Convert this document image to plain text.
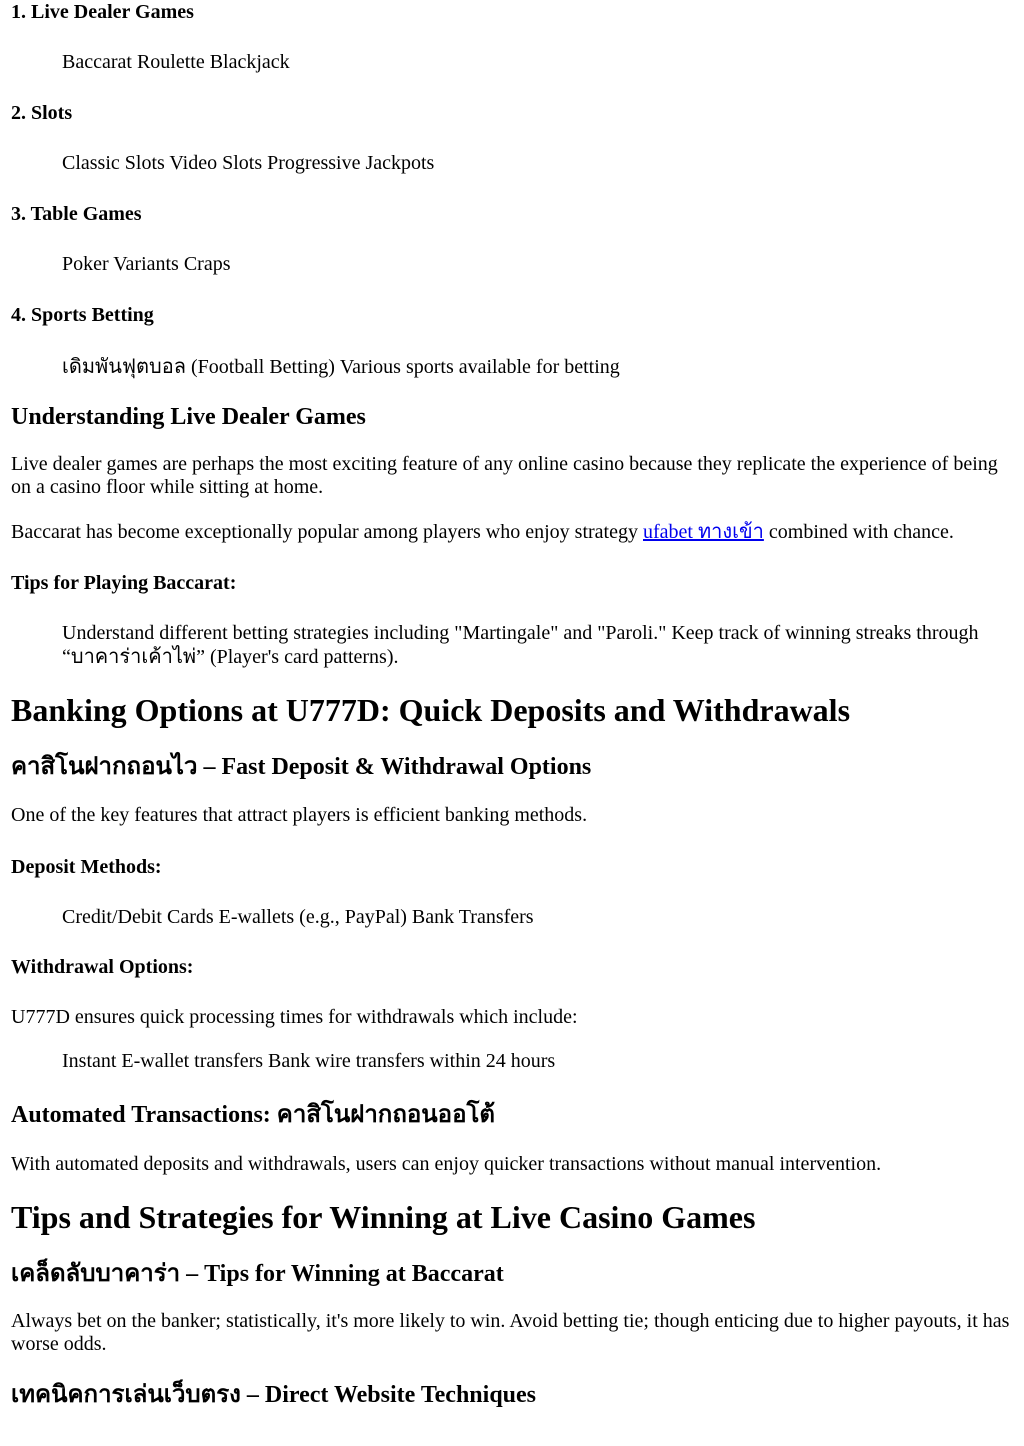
1. Live Dealer Games
Baccarat Roulette Blackjack
2. Slots
Classic Slots Video Slots Progressive Jackpots
3. Table Games
Poker Variants Craps
4. Sports Betting
เดิมพันฟุตบอล (Football Betting) Various sports available for betting
Understanding Live Dealer Games

Live dealer games are perhaps the most exciting feature of any online casino because they replicate the experience of being on a casino floor while sitting at home.

Baccarat has become exceptionally popular among players who enjoy strategy ufabet ทางเข้า combined with chance.

Tips for Playing Baccarat:
Understand different betting strategies including "Martingale" and "Paroli." Keep track of winning streaks through “บาคาร่าเค้าไพ่” (Player's card patterns).
Banking Options at U777D: Quick Deposits and Withdrawals
คาสิโนฝากถอนไว – Fast Deposit & Withdrawal Options

One of the key features that attract players is efficient banking methods.

Deposit Methods:
Credit/Debit Cards E-wallets (e.g., PayPal) Bank Transfers
Withdrawal Options:

U777D ensures quick processing times for withdrawals which include:

Instant E-wallet transfers Bank wire transfers within 24 hours
Automated Transactions: คาสิโนฝากถอนออโต้

With automated deposits and withdrawals, users can enjoy quicker transactions without manual intervention.

Tips and Strategies for Winning at Live Casino Games
เคล็ดลับบาคาร่า – Tips for Winning at Baccarat

Always bet on the banker; statistically, it's more likely to win. Avoid betting tie; though enticing due to higher payouts, it has worse odds.

เทคนิคการเล่นเว็บตรง – Direct Website Techniques
